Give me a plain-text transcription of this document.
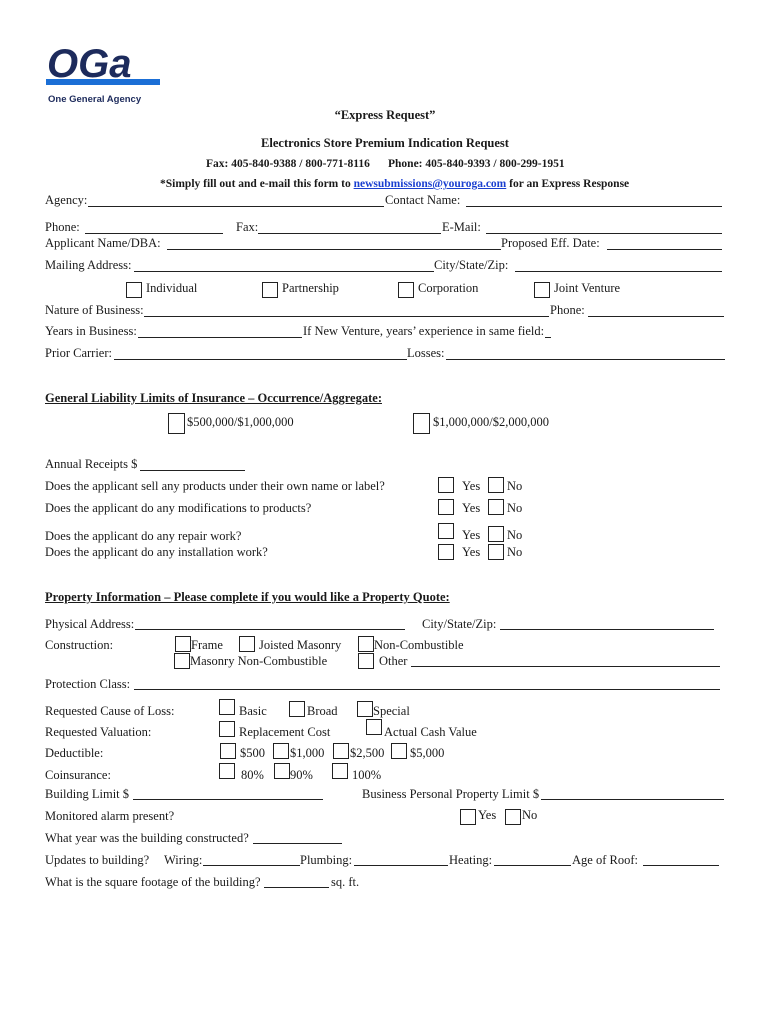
OGa
One General Agency
“Express Request”
Electronics Store Premium Indication Request
Fax: 405-840-9388 / 800-771-8116 Phone: 405-840-9393 / 800-299-1951
*Simply fill out and e-mail this form to newsubmissions@youroga.com for an Express Response
Agency:	Contact Name:
Phone:	Fax:	E-Mail:
Applicant Name/DBA:	Proposed Eff. Date:
Mailing Address:	City/State/Zip:
Individual	Partnership	Corporation	Joint Venture
Nature of Business:	Phone:
Years in Business:	If New Venture, years’ experience in same field:
Prior Carrier:	Losses:
General Liability Limits of Insurance – Occurrence/Aggregate:
$500,000/$1,000,000	$1,000,000/$2,000,000
Annual Receipts $
Does the applicant sell any products under their own name or label?	Yes No
Does the applicant do any modifications to products?	Yes No
Does the applicant do any repair work?	Yes No
Does the applicant do any installation work?	Yes No
Property Information – Please complete if you would like a Property Quote:
Physical Address:	City/State/Zip:
Construction:	Frame	Joisted Masonry	Non-Combustible
Masonry Non-Combustible	Other
Protection Class:
Requested Cause of Loss:	Basic	Broad	Special
Requested Valuation:	Replacement Cost	Actual Cash Value
Deductible:	$500 $1,000 $2,500 $5,000
Coinsurance:	80% 90%	100%
Building Limit $	Business Personal Property Limit $
Monitored alarm present?	Yes No
What year was the building constructed?
Updates to building? Wiring:	Plumbing:	Heating:	Age of Roof:
What is the square footage of the building?	sq. ft.
